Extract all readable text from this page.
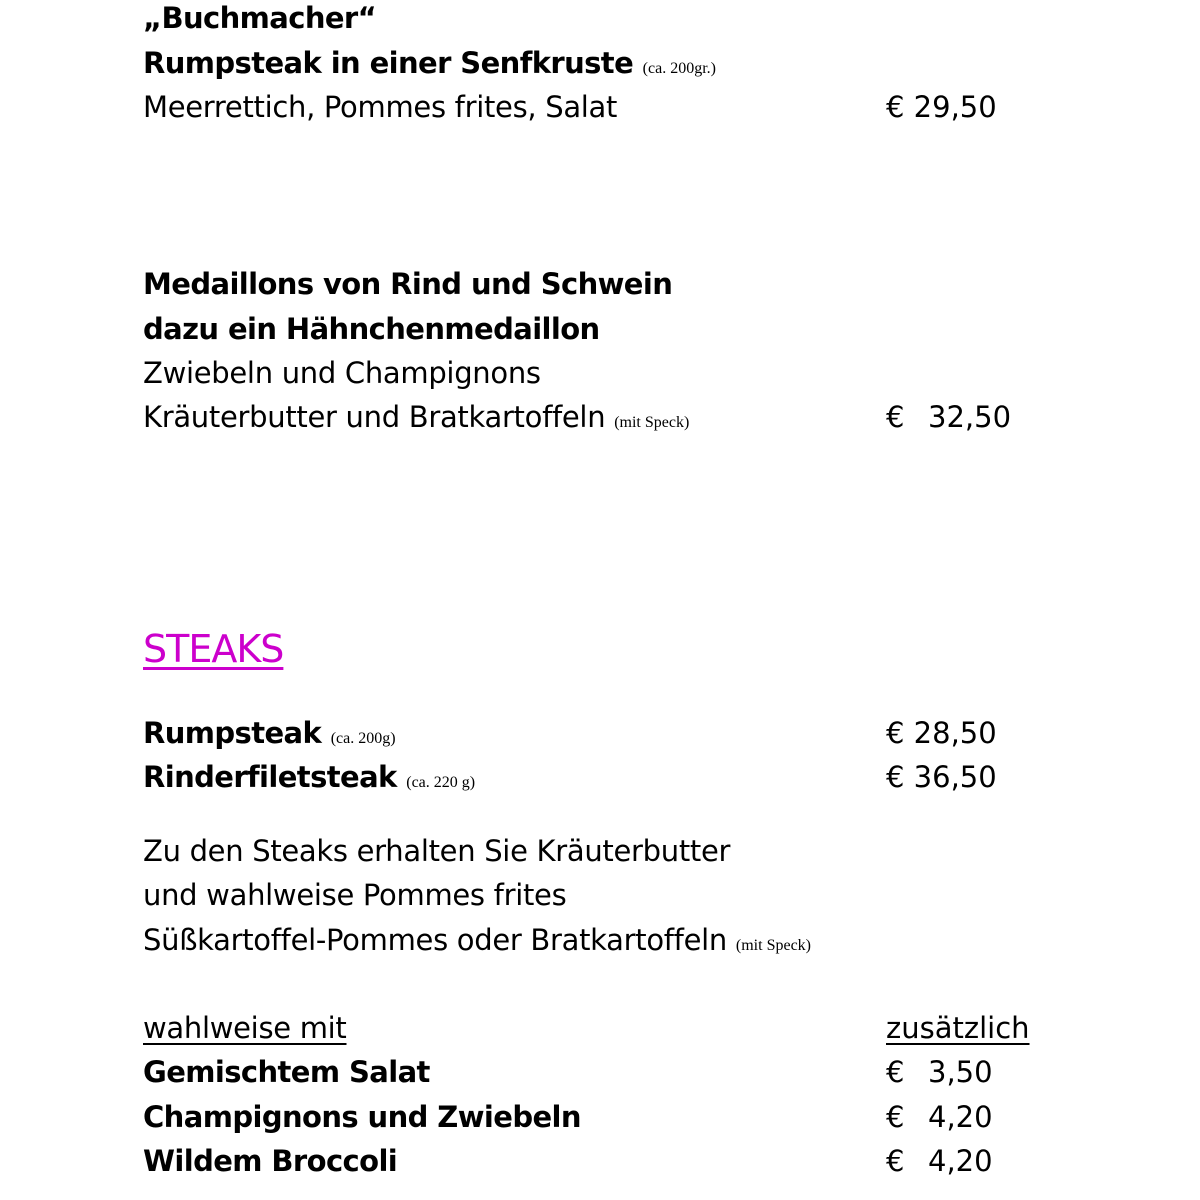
„Buchmacher“
Rumpsteak in einer Senfkruste (ca. 200gr.)
Meerrettich, Pommes frites, Salat	€ 29,50
Medaillons von Rind und Schwein
dazu ein Hähnchenmedaillon
Zwiebeln und Champignons
Kräuterbutter und Bratkartoffeln (mit Speck)	€ 32,50
STEAKS
Rumpsteak (ca. 200g)	€ 28,50
Rinderfiletsteak (ca. 220 g)	€ 36,50
Zu den Steaks erhalten Sie Kräuterbutter
und wahlweise Pommes frites
Süßkartoffel-Pommes oder Bratkartoffeln (mit Speck)
wahlweise mit	zusätzlich
Gemischtem Salat	€ 3,50
Champignons und Zwiebeln	€ 4,20
Wildem Broccoli	€ 4,20
